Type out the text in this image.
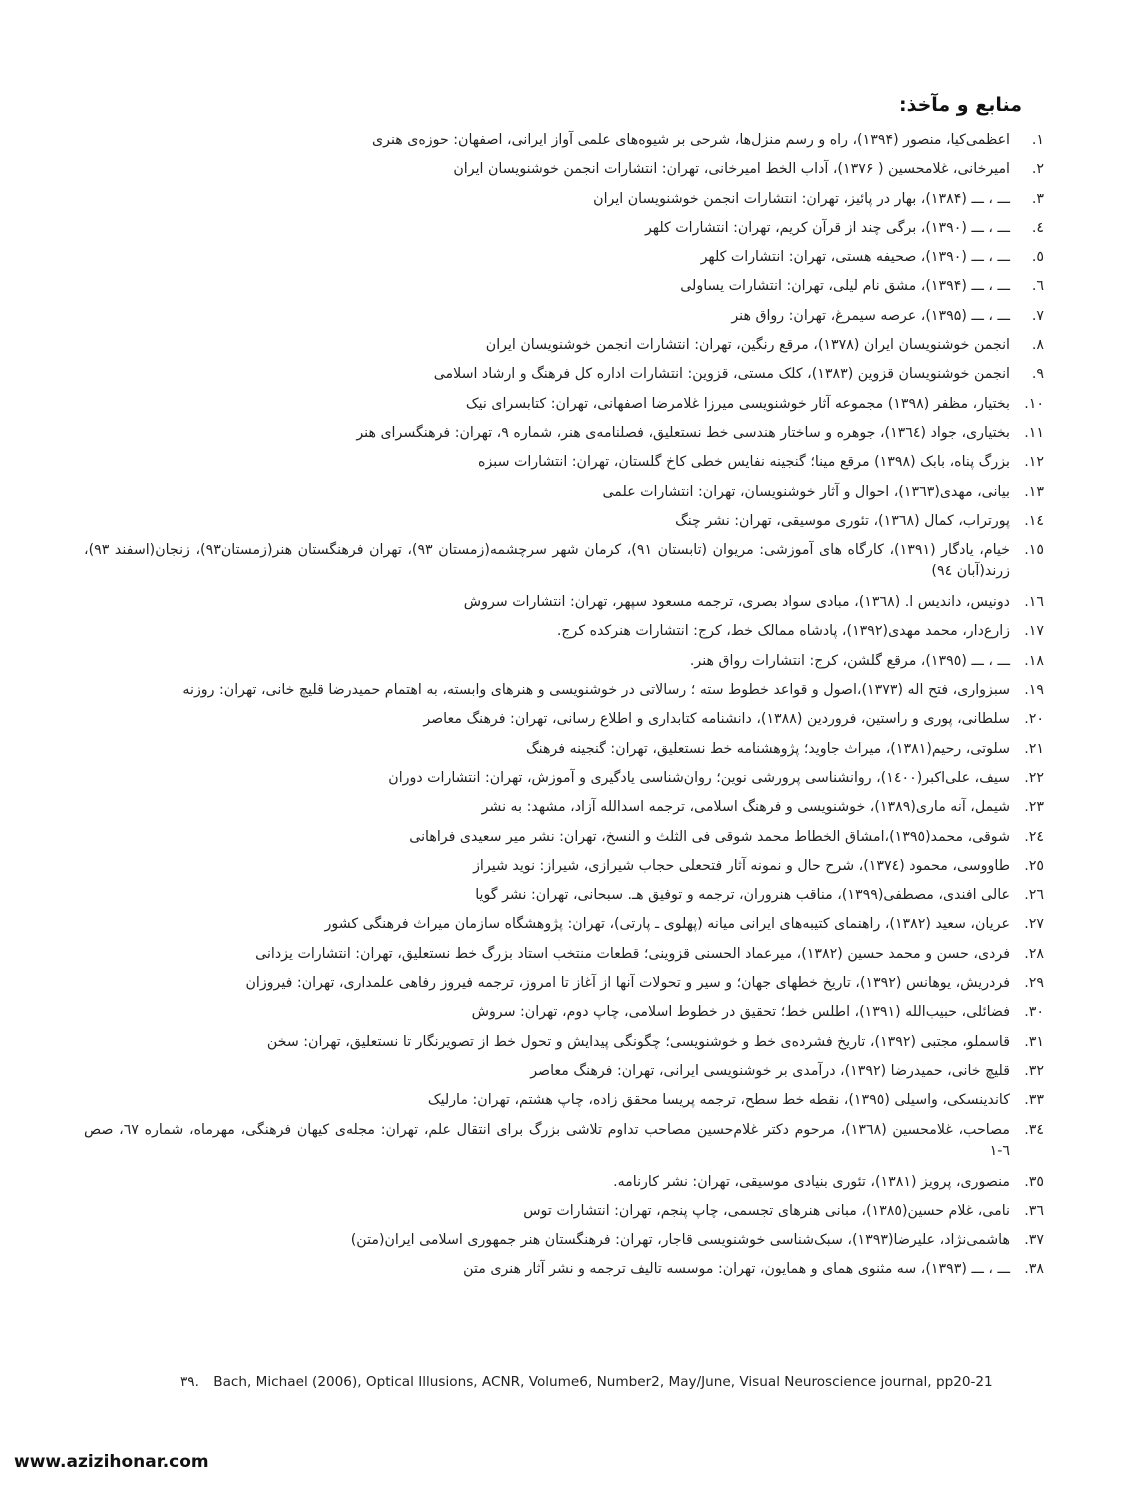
منابع و مآخذ:
۱.
اعظمی‌کیا، منصور (۱۳۹۴)، راه و رسم منزل‌ها، شرحی بر شیوه‌های علمی آواز ایرانی، اصفهان: حوزه‌ی هنری
۲.
امیرخانی، غلامحسین ( ۱۳۷۶)، آداب الخط امیرخانی، تهران: انتشارات انجمن خوشنویسان ایران
۳.
ـــ ، ـــ (۱۳۸۴)، بهار در پائیز، تهران: انتشارات انجمن خوشنویسان ایران
٤.
ـــ ، ـــ (۱۳۹۰)، برگی چند از قرآن کریم، تهران: انتشارات کلهر
٥.
ـــ ، ـــ (۱۳۹۰)، صحیفه هستی، تهران: انتشارات کلهر
٦.
ـــ ، ـــ (۱۳۹۴)، مشق نام لیلی، تهران: انتشارات یساولی
۷.
ـــ ، ـــ (۱۳۹۵)، عرصه سیمرغ، تهران: رواق هنر
۸.
انجمن خوشنویسان ایران (۱۳۷۸)، مرقع رنگین، تهران: انتشارات انجمن خوشنویسان ایران
۹.
انجمن خوشنویسان قزوین (۱۳۸۳)، کلک مستی، قزوین: انتشارات اداره کل فرهنگ و ارشاد اسلامی
۱۰.
بختیار، مظفر (۱۳۹۸) مجموعه آثار خوشنویسی میرزا غلامرضا اصفهانی، تهران: کتابسرای نیک
۱۱.
بختیاری، جواد (۱۳٦٤)، جوهره و ساختار هندسی خط نستعلیق، فصلنامه‌ی هنر، شماره ۹، تهران: فرهنگسرای هنر
۱۲.
بزرگ پناه، بابک (۱۳۹۸) مرقع مینا؛ گنجینه نفایس خطی کاخ گلستان، تهران: انتشارات سبزه
۱۳.
بیانی، مهدی(۱۳٦۳)، احوال و آثار خوشنویسان، تهران: انتشارات علمی
۱٤.
پورتراب، کمال (۱۳٦۸)، تئوری موسیقی، تهران: نشر چنگ
۱٥.
خیام، یادگار (۱۳۹۱)، کارگاه های آموزشی: مریوان (تابستان ۹۱)، کرمان شهر سرچشمه(زمستان ۹۳)، تهران فرهنگستان هنر(زمستان۹۳)، زنجان(اسفند ۹۳)، زرند(آبان ۹٤)
۱٦.
دونیس، داندیس ا. (۱۳٦۸)، مبادی سواد بصری، ترجمه مسعود سپهر، تهران: انتشارات سروش
۱۷.
زارع‌دار، محمد مهدی(۱۳۹۲)، پادشاه ممالک خط، کرج: انتشارات هنرکده کرج.
۱۸.
ـــ ، ـــ (۱۳۹٥)، مرقع گلشن، کرج: انتشارات رواق هنر.
۱۹.
سبزواری، فتح اله (۱۳۷۳)،اصول و قواعد خطوط سته ؛ رسالاتی در خوشنویسی و هنرهای وابسته، به اهتمام حمیدرضا قلیچ خانی، تهران: روزنه
۲۰.
سلطانی، پوری و راستین، فروردین (۱۳۸۸)، دانشنامه کتابداری و اطلاع رسانی، تهران: فرهنگ معاصر
۲۱.
سلوتی، رحیم(۱۳۸۱)، میراث جاوید؛ پژوهشنامه خط نستعلیق، تهران: گنجینه فرهنگ
۲۲.
سیف، علی‌اکبر(۱٤۰۰)، روانشناسی پرورشی نوین؛ روان‌شناسی یادگیری و آموزش، تهران: انتشارات دوران
۲۳.
شیمل، آنه ماری(۱۳۸۹)، خوشنویسی و فرهنگ اسلامی، ترجمه اسدالله آزاد، مشهد: به نشر
۲٤.
شوقی، محمد(۱۳۹٥)،امشاق الخطاط محمد شوقی فی الثلث و النسخ، تهران: نشر میر سعیدی فراهانی
۲٥.
طاووسی، محمود (۱۳۷٤)، شرح حال و نمونه آثار فتحعلی حجاب شیرازی، شیراز: نوید شیراز
۲٦.
عالی افندی، مصطفی(۱۳۹۹)، مناقب هنروران، ترجمه و توفیق هـ. سبحانی، تهران: نشر گویا
۲۷.
عریان، سعید (۱۳۸۲)، راهنمای کتیبه‌های ایرانی میانه (پهلوی ـ پارتی)، تهران: پژوهشگاه سازمان میراث فرهنگی کشور
۲۸.
فردی، حسن و محمد حسین (۱۳۸۲)، میرعماد الحسنی قزوینی؛ قطعات منتخب استاد بزرگ خط نستعلیق، تهران: انتشارات یزدانی
۲۹.
فردریش، یوهانس (۱۳۹۲)، تاریخ خطهای جهان؛ و سیر و تحولات آنها از آغاز تا امروز، ترجمه فیروز رفاهی علمداری، تهران: فیروزان
۳۰.
فضائلی، حبیب‌الله (۱۳۹۱)، اطلس خط؛ تحقیق در خطوط اسلامی، چاپ دوم، تهران: سروش
۳۱.
قاسملو، مجتبی (۱۳۹۲)، تاریخ فشرده‌ی خط و خوشنویسی؛ چگونگی پیدایش و تحول خط از تصویرنگار تا نستعلیق، تهران: سخن
۳۲.
قلیچ خانی، حمیدرضا (۱۳۹۲)، درآمدی بر خوشنویسی ایرانی، تهران: فرهنگ معاصر
۳۳.
کاندینسکی، واسیلی (۱۳۹٥)، نقطه خط سطح، ترجمه پریسا محقق زاده، چاپ هشتم، تهران: مارلیک
۳٤.
مصاحب، غلامحسین (۱۳٦۸)، مرحوم دکتر غلام‌حسین مصاحب تداوم تلاشی بزرگ برای انتقال علم، تهران: مجله‌ی کیهان فرهنگی، مهرماه، شماره ٦۷، صص ٦-۱
۳٥.
منصوری، پرویز (۱۳۸۱)، تئوری بنیادی موسیقی، تهران: نشر کارنامه.
۳٦.
نامی، غلام حسین(۱۳۸٥)، مبانی هنرهای تجسمی، چاپ پنجم، تهران: انتشارات توس
۳۷.
هاشمی‌نژاد، علیرضا(۱۳۹۳)، سبک‌شناسی خوشنویسی قاجار، تهران: فرهنگستان هنر جمهوری اسلامی ایران(متن)
۳۸.
ـــ ، ـــ (۱۳۹۳)، سه مثنوی همای و همایون، تهران: موسسه تالیف ترجمه و نشر آثار هنری متن
۳۹. Bach, Michael (2006), Optical Illusions, ACNR, Volume6, Number2, May/June, Visual Neuroscience journal, pp20-21
www.azizihonar.com
